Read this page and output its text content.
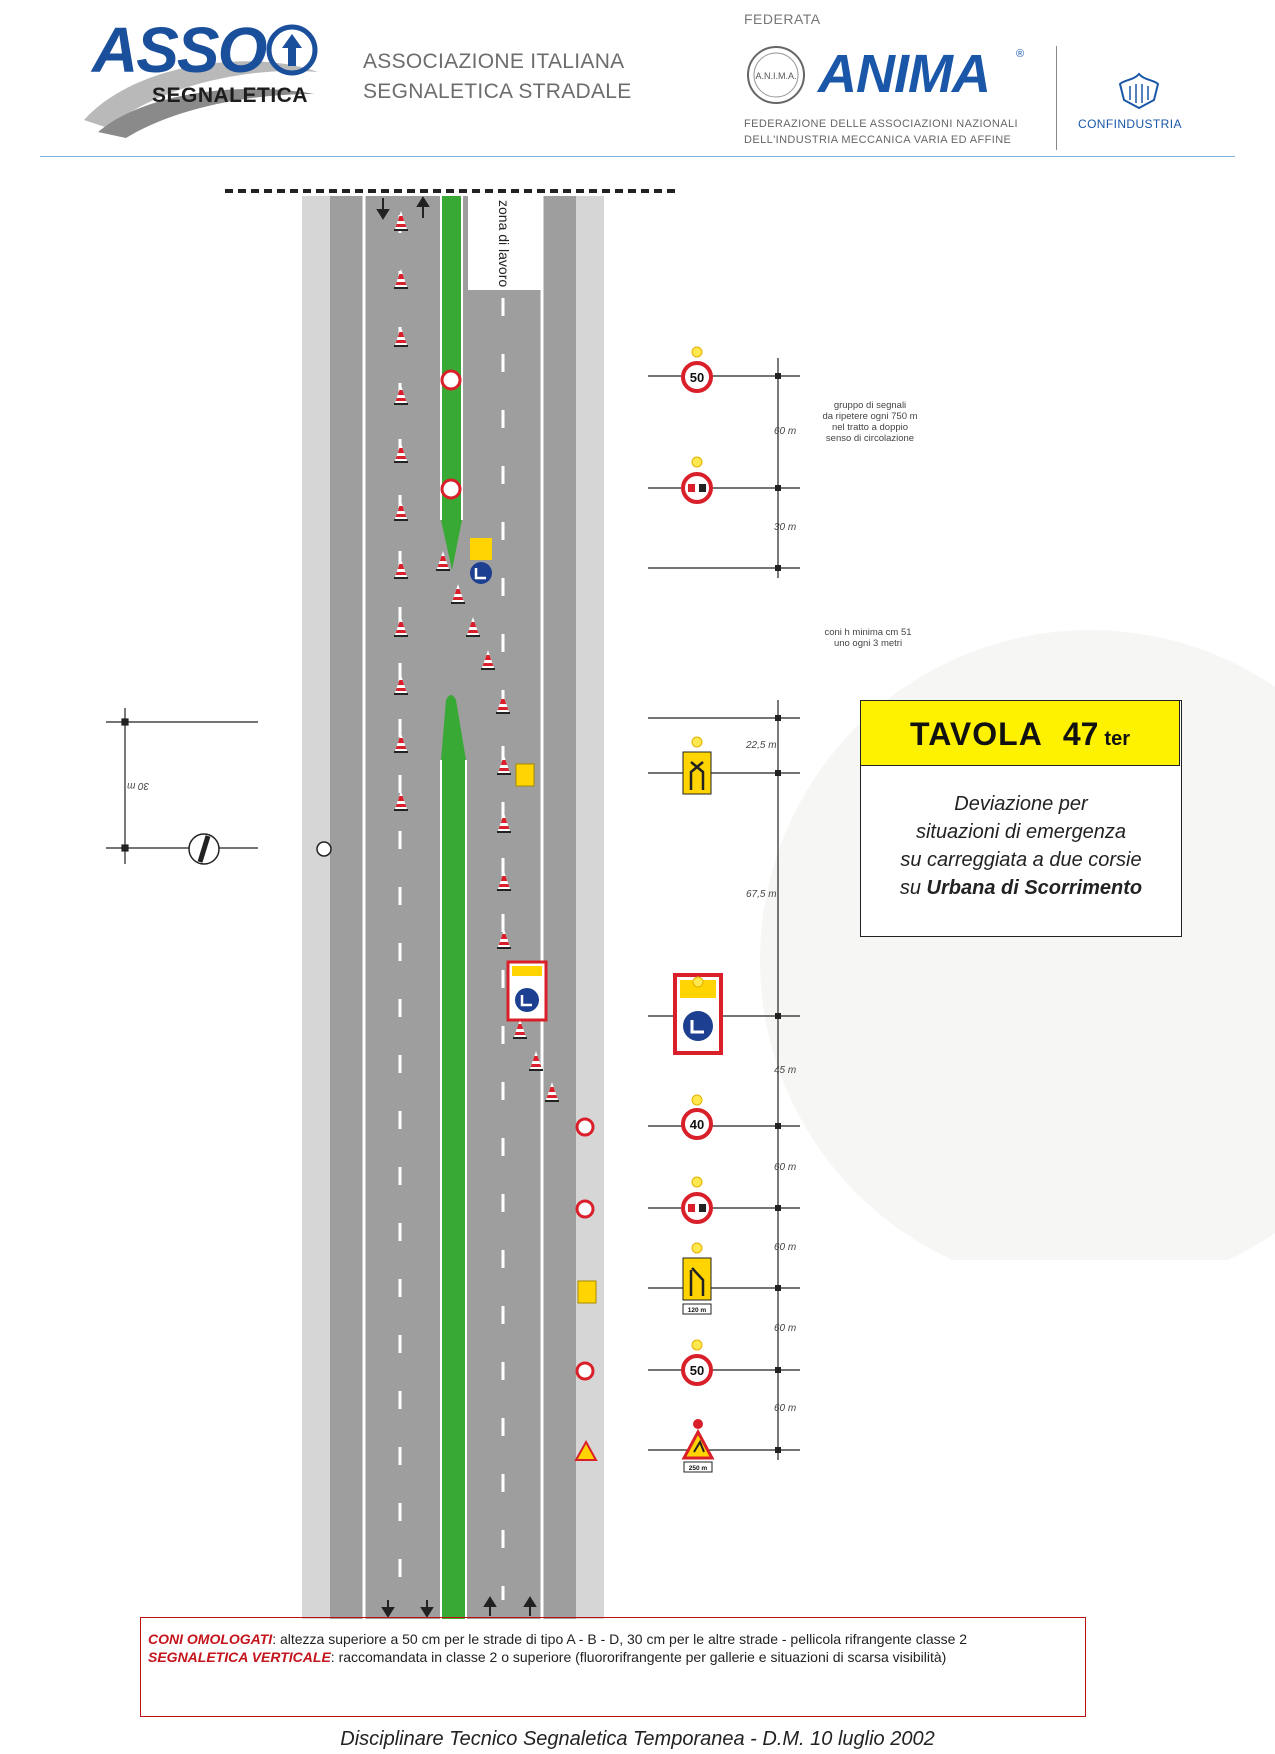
ASSO
SEGNALETICA
ASSOCIAZIONE ITALIANA
SEGNALETICA STRADALE
FEDERATA
A.N.I.M.A. ANIMA ®
FEDERAZIONE DELLE ASSOCIAZIONI NAZIONALI
DELL'INDUSTRIA MECCANICA VARIA ED AFFINE
CONFINDUSTRIA
50
40
120 m
50
250 m
zona di lavoro
gruppo di segnali
da ripetere ogni 750 m
nel tratto a doppio
senso di circolazione
coni h minima cm 51
uno ogni 3 metri
60 m
30 m
22,5 m
67,5 m
45 m
60 m
60 m
60 m
60 m
30 m
TAVOLA 47 ter
Deviazione per
situazioni di emergenza
su carreggiata a due corsie
su Urbana di Scorrimento
CONI OMOLOGATI: altezza superiore a 50 cm per le strade di tipo A - B - D, 30 cm per le altre strade - pellicola rifrangente classe 2
SEGNALETICA VERTICALE: raccomandata in classe 2 o superiore (fluororifrangente per gallerie e situazioni di scarsa visibilità)
Disciplinare Tecnico Segnaletica Temporanea - D.M. 10 luglio 2002
